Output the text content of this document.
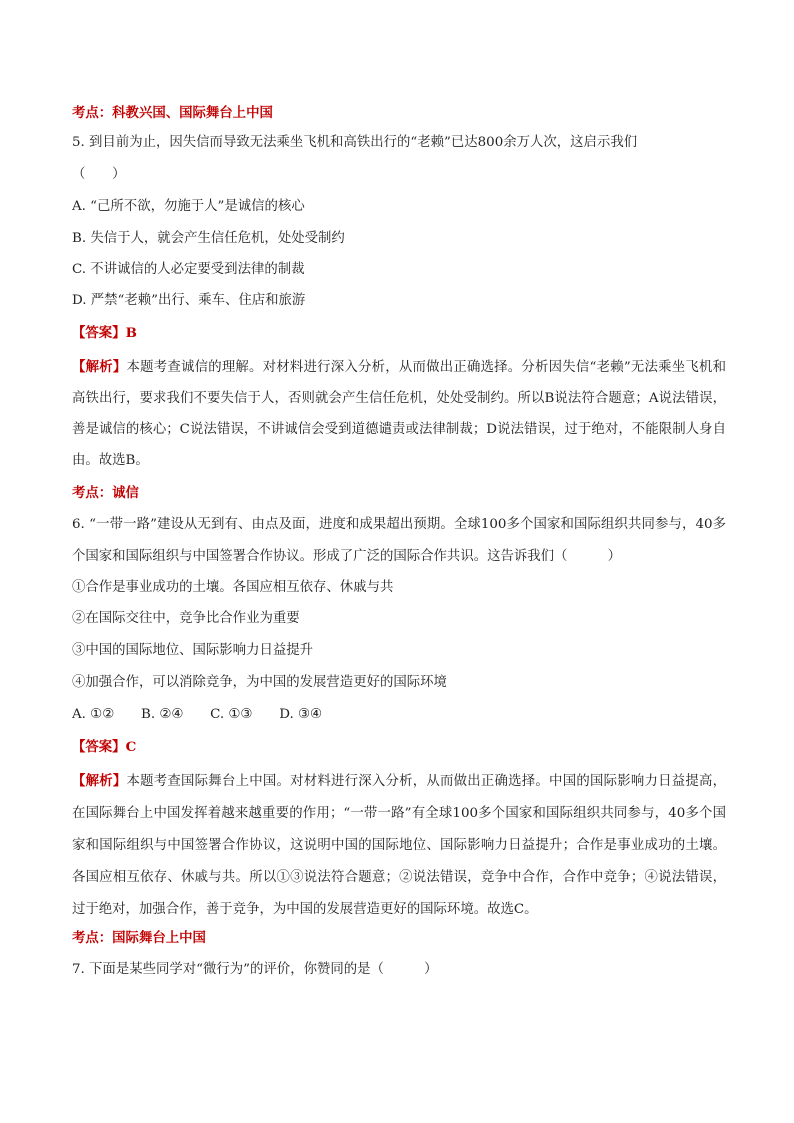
考点：科教兴国、国际舞台上中国
5. 到目前为止，因失信而导致无法乘坐飞机和高铁出行的“老赖”已达800余万人次，这启示我们
（　　）
A. “己所不欲，勿施于人”是诚信的核心
B. 失信于人，就会产生信任危机，处处受制约
C. 不讲诚信的人必定要受到法律的制裁
D. 严禁“老赖”出行、乘车、住店和旅游
【答案】B
【解析】本题考查诚信的理解。对材料进行深入分析，从而做出正确选择。分析因失信“老赖”无法乘坐飞机和高铁出行，要求我们不要失信于人，否则就会产生信任危机，处处受制约。所以B说法符合题意；A说法错误，善是诚信的核心；C说法错误，不讲诚信会受到道德谴责或法律制裁；D说法错误，过于绝对，不能限制人身自由。故选B。
考点：诚信
6. “一带一路”建设从无到有、由点及面，进度和成果超出预期。全球100多个国家和国际组织共同参与，40多个国家和国际组织与中国签署合作协议。形成了广泛的国际合作共识。这告诉我们（　　　）
①合作是事业成功的土壤。各国应相互依存、休戚与共
②在国际交往中，竞争比合作业为重要
③中国的国际地位、国际影响力日益提升
④加强合作，可以消除竞争，为中国的发展营造更好的国际环境
A. ①②　　B. ②④　　C. ①③　　D. ③④
【答案】C
【解析】本题考查国际舞台上中国。对材料进行深入分析，从而做出正确选择。中国的国际影响力日益提高，在国际舞台上中国发挥着越来越重要的作用；“一带一路”有全球100多个国家和国际组织共同参与，40多个国家和国际组织与中国签署合作协议，这说明中国的国际地位、国际影响力日益提升；合作是事业成功的土壤。各国应相互依存、休戚与共。所以①③说法符合题意；②说法错误，竞争中合作，合作中竞争；④说法错误，过于绝对，加强合作，善于竞争，为中国的发展营造更好的国际环境。故选C。
考点：国际舞台上中国
7. 下面是某些同学对“微行为”的评价，你赞同的是（　　　）
